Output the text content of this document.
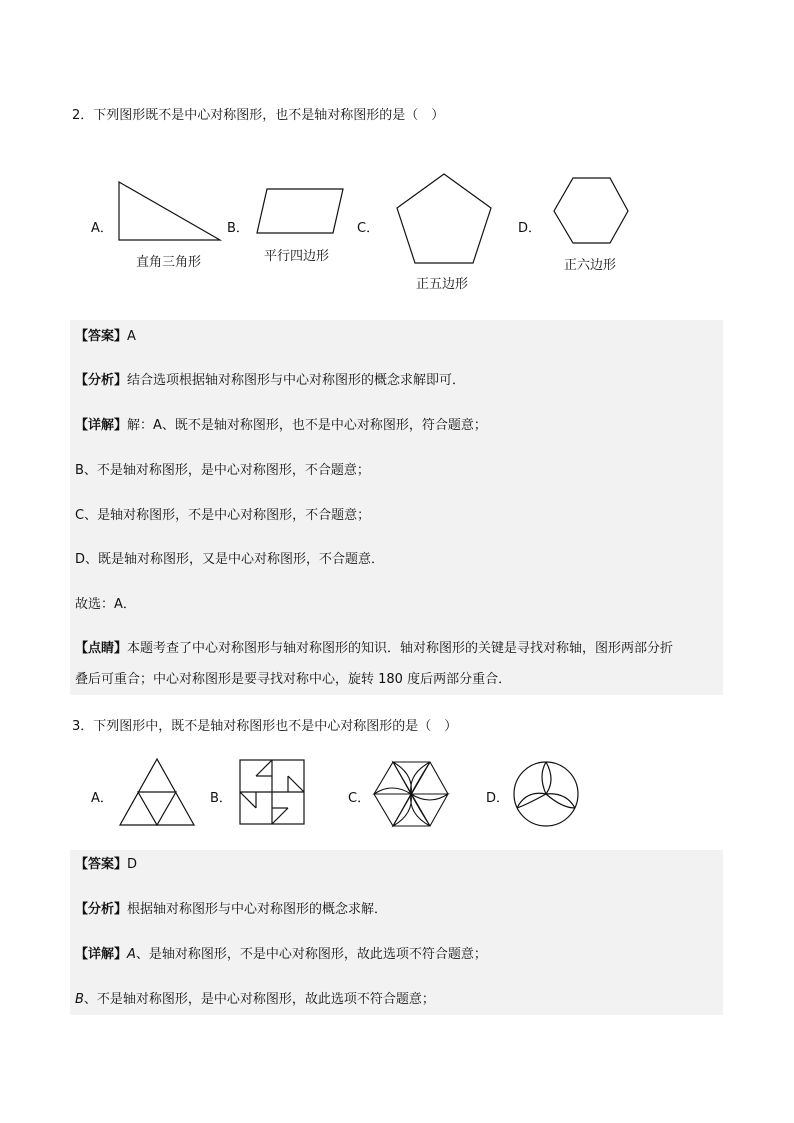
2．下列图形既不是中心对称图形，也不是轴对称图形的是（　）
A．
直角三角形
B．
平行四边形
C．
正五边形
D．
正六边形
【答案】A
【分析】结合选项根据轴对称图形与中心对称图形的概念求解即可．
【详解】解：A、既不是轴对称图形，也不是中心对称图形，符合题意；
B、不是轴对称图形，是中心对称图形，不合题意；
C、是轴对称图形，不是中心对称图形，不合题意；
D、既是轴对称图形，又是中心对称图形，不合题意．
故选：A．
【点睛】本题考查了中心对称图形与轴对称图形的知识．轴对称图形的关键是寻找对称轴，图形两部分折
叠后可重合；中心对称图形是要寻找对称中心，旋转 180 度后两部分重合．
3．下列图形中，既不是轴对称图形也不是中心对称图形的是（　）
A．	B．	C．	D．
【答案】D
【分析】根据轴对称图形与中心对称图形的概念求解．
【详解】A、是轴对称图形，不是中心对称图形，故此选项不符合题意；
B、不是轴对称图形，是中心对称图形，故此选项不符合题意；
